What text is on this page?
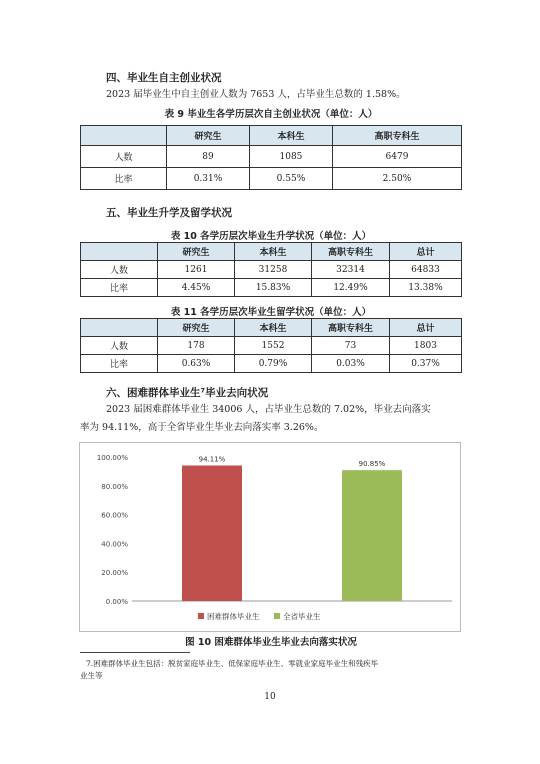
四、毕业生自主创业状况
2023 届毕业生中自主创业人数为 7653 人，占毕业生总数的 1.58%。
表 9 毕业生各学历层次自主创业状况（单位：人）
	研究生	本科生	高职专科生
人数	89	1085	6479
比率	0.31%	0.55%	2.50%
五、毕业生升学及留学状况
表 10 各学历层次毕业生升学状况（单位：人）
	研究生	本科生	高职专科生	总计
人数	1261	31258	32314	64833
比率	4.45%	15.83%	12.49%	13.38%
表 11 各学历层次毕业生留学状况（单位：人）
	研究生	本科生	高职专科生	总计
人数	178	1552	73	1803
比率	0.63%	0.79%	0.03%	0.37%
六、困难群体毕业生⁷毕业去向状况
2023 届困难群体毕业生 34006 人，占毕业生总数的 7.02%，毕业去向落实
率为 94.11%，高于全省毕业生毕业去向落实率 3.26%。
100.00%
80.00%
60.00%
40.00%
20.00%
0.00%
94.11%
90.85%
困难群体毕业生	全省毕业生
图 10 困难群体毕业生毕业去向落实状况
7.困难群体毕业生包括：脱贫家庭毕业生、低保家庭毕业生、零就业家庭毕业生和残疾毕
业生等
10
